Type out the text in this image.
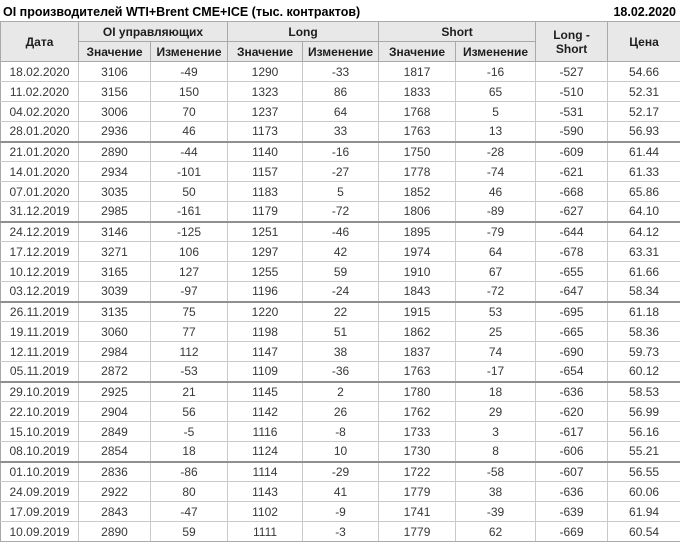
OI производителей WTI+Brent CME+ICE (тыс. контрактов)	18.02.2020
Дата	OI управляющих		Long		Short		Long - Short	Цена
	Значение	Изменение	Значение	Изменение	Значение	Изменение		
18.02.2020	3106	-49	1290	-33	1817	-16	-527	54.66
11.02.2020	3156	150	1323	86	1833	65	-510	52.31
04.02.2020	3006	70	1237	64	1768	5	-531	52.17
28.01.2020	2936	46	1173	33	1763	13	-590	56.93
21.01.2020	2890	-44	1140	-16	1750	-28	-609	61.44
14.01.2020	2934	-101	1157	-27	1778	-74	-621	61.33
07.01.2020	3035	50	1183	5	1852	46	-668	65.86
31.12.2019	2985	-161	1179	-72	1806	-89	-627	64.10
24.12.2019	3146	-125	1251	-46	1895	-79	-644	64.12
17.12.2019	3271	106	1297	42	1974	64	-678	63.31
10.12.2019	3165	127	1255	59	1910	67	-655	61.66
03.12.2019	3039	-97	1196	-24	1843	-72	-647	58.34
26.11.2019	3135	75	1220	22	1915	53	-695	61.18
19.11.2019	3060	77	1198	51	1862	25	-665	58.36
12.11.2019	2984	112	1147	38	1837	74	-690	59.73
05.11.2019	2872	-53	1109	-36	1763	-17	-654	60.12
29.10.2019	2925	21	1145	2	1780	18	-636	58.53
22.10.2019	2904	56	1142	26	1762	29	-620	56.99
15.10.2019	2849	-5	1116	-8	1733	3	-617	56.16
08.10.2019	2854	18	1124	10	1730	8	-606	55.21
01.10.2019	2836	-86	1114	-29	1722	-58	-607	56.55
24.09.2019	2922	80	1143	41	1779	38	-636	60.06
17.09.2019	2843	-47	1102	-9	1741	-39	-639	61.94
10.09.2019	2890	59	1111	-3	1779	62	-669	60.54
